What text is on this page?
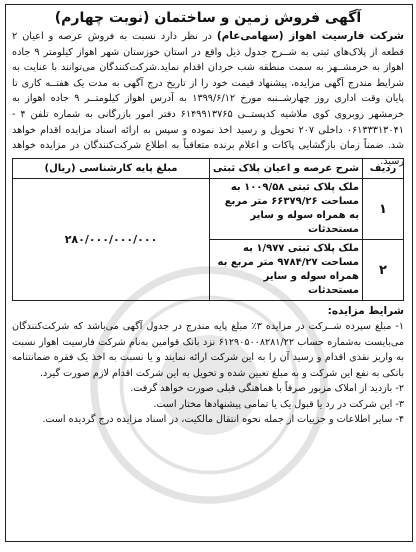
آگهی فروش زمین و ساختمان (نوبت چهارم)

شرکت فارسیت اهواز (سهامی‌عام) در نظر دارد نسبت به فروش عرصه و اعیان ۲ قطعه از پلاک‌های ثبتی به شــرح جدول ذیل واقع در استان خوزستان شهر اهواز کیلومتر ۹ جاده اهواز به خرمشــهر به سمت منطقه شب حردان اقدام نماید.شرکت‌کنندگان می‌توانند با عنایت به شرایط مندرج آگهی مزایده، پیشنهاد قیمت خود را از تاریخ درج آگهی به مدت یک هفتــه کاری تا پایان وقت اداری روز چهارشــنبه مورخ ۱۳۹۹/۶/۱۲ به آدرس اهواز کیلومتــر ۹ جاده اهواز به خرمشهر روبروی کوی ملاشیه کدپستــی ۶۱۴۹۹۱۳۷۶۵ دفتر امور بازرگانی به شماره تلفن ۴ - ۰۶۱۳۳۳۱۳۰۴۱ داخلی ۲۰۷ تحویل و رسید اخذ نموده و سپس به ارائه اسناد مزایده اقدام خواهد شد. ضمناً زمان بازگشایی پاکات و اعلام برنده متعاقباً به اطلاع شرکت‌کنندگان در مزایده خواهد رسید.

ردیف	شرح عرصه و اعیان پلاک ثبتی	مبلغ پایه کارشناسی (ریال)
۱	ملک پلاک ثبتی ۱۰۰۹/۵۸ به مساحت ۶۶۳۷۹/۲۶ متر مربع به همراه سوله و سایر مستحدثات	۲۸۰/۰۰۰/۰۰۰/۰۰۰
۲	ملک پلاک ثبتی ۱/۹۷۷ به مساحت ۹۷۸۴/۲۷ متر مربع به همراه سوله و سایر مستحدثات	
شرایط مزایده:
۱- مبلغ سپرده شــرکت در مزایده ۳٪ مبلغ پایه مندرج در جدول آگهی می‌باشد که شرکت‌کنندگان می‌بایست به‌شماره حساب ۶۱۲۹۰۵۰۰۸۲۸۱/۲۲ نزد بانک قوامین به‌نام شرکت فارسیت اهواز نسبت به واریز نقدی اقدام و رسید آن را به این شرکت ارائه نمایند و یا نسبت به اخذ یک فقره ضمانتنامه بانکی به نفع این شرکت و به مبلغ تعیین شده و تحویل به این شرکت اقدام لازم صورت گیرد.
۲- بازدید از املاک مزبور صرفاً با هماهنگی قبلی صورت خواهد گرفت.
۳- این شرکت در رد یا قبول یک یا تمامی پیشنهادها مختار است.
۴- سایر اطلاعات و جزییات از جمله نحوه انتقال مالکیت، در اسناد مزایده درج گردیده است.
